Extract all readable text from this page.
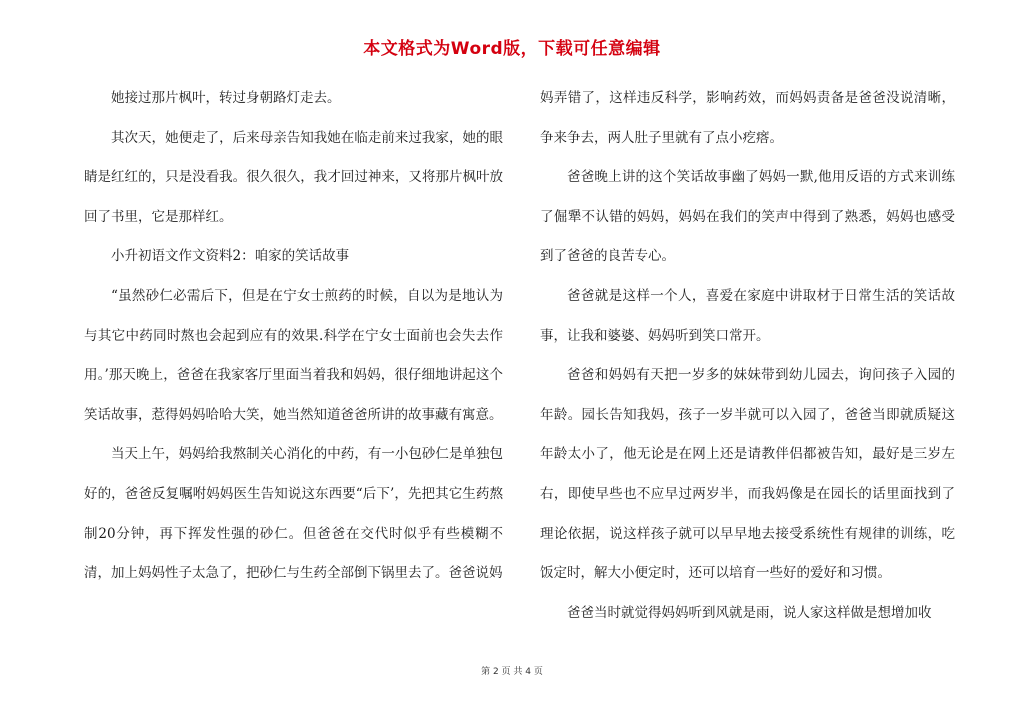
本文格式为Word版，下载可任意编辑

她接过那片枫叶，转过身朝路灯走去。

其次天，她便走了，后来母亲告知我她在临走前来过我家，她的眼睛是红红的，只是没看我。很久很久，我才回过神来，又将那片枫叶放回了书里，它是那样红。

小升初语文作文资料2：咱家的笑话故事

“虽然砂仁必需后下，但是在宁女士煎药的时候，自以为是地认为与其它中药同时熬也会起到应有的效果.科学在宁女士面前也会失去作用。’那天晚上，爸爸在我家客厅里面当着我和妈妈，很仔细地讲起这个笑话故事，惹得妈妈哈哈大笑，她当然知道爸爸所讲的故事藏有寓意。

当天上午，妈妈给我熬制关心消化的中药，有一小包砂仁是单独包好的，爸爸反复嘱咐妈妈医生告知说这东西要“后下’，先把其它生药熬制20分钟，再下挥发性强的砂仁。但爸爸在交代时似乎有些模糊不清，加上妈妈性子太急了，把砂仁与生药全部倒下锅里去了。爸爸说妈

妈弄错了，这样违反科学，影响药效，而妈妈责备是爸爸没说清晰，争来争去，两人肚子里就有了点小疙瘩。

爸爸晚上讲的这个笑话故事幽了妈妈一默,他用反语的方式来训练了倔犟不认错的妈妈，妈妈在我们的笑声中得到了熟悉，妈妈也感受到了爸爸的良苦专心。

爸爸就是这样一个人，喜爱在家庭中讲取材于日常生活的笑话故事，让我和婆婆、妈妈听到笑口常开。

爸爸和妈妈有天把一岁多的妹妹带到幼儿园去，询问孩子入园的年龄。园长告知我妈，孩子一岁半就可以入园了，爸爸当即就质疑这年龄太小了，他无论是在网上还是请教伴侣都被告知，最好是三岁左右，即使早些也不应早过两岁半，而我妈像是在园长的话里面找到了理论依据，说这样孩子就可以早早地去接受系统性有规律的训练，吃饭定时，解大小便定时，还可以培育一些好的爱好和习惯。

爸爸当时就觉得妈妈听到风就是雨，说人家这样做是想增加收

第 2 页 共 4 页
